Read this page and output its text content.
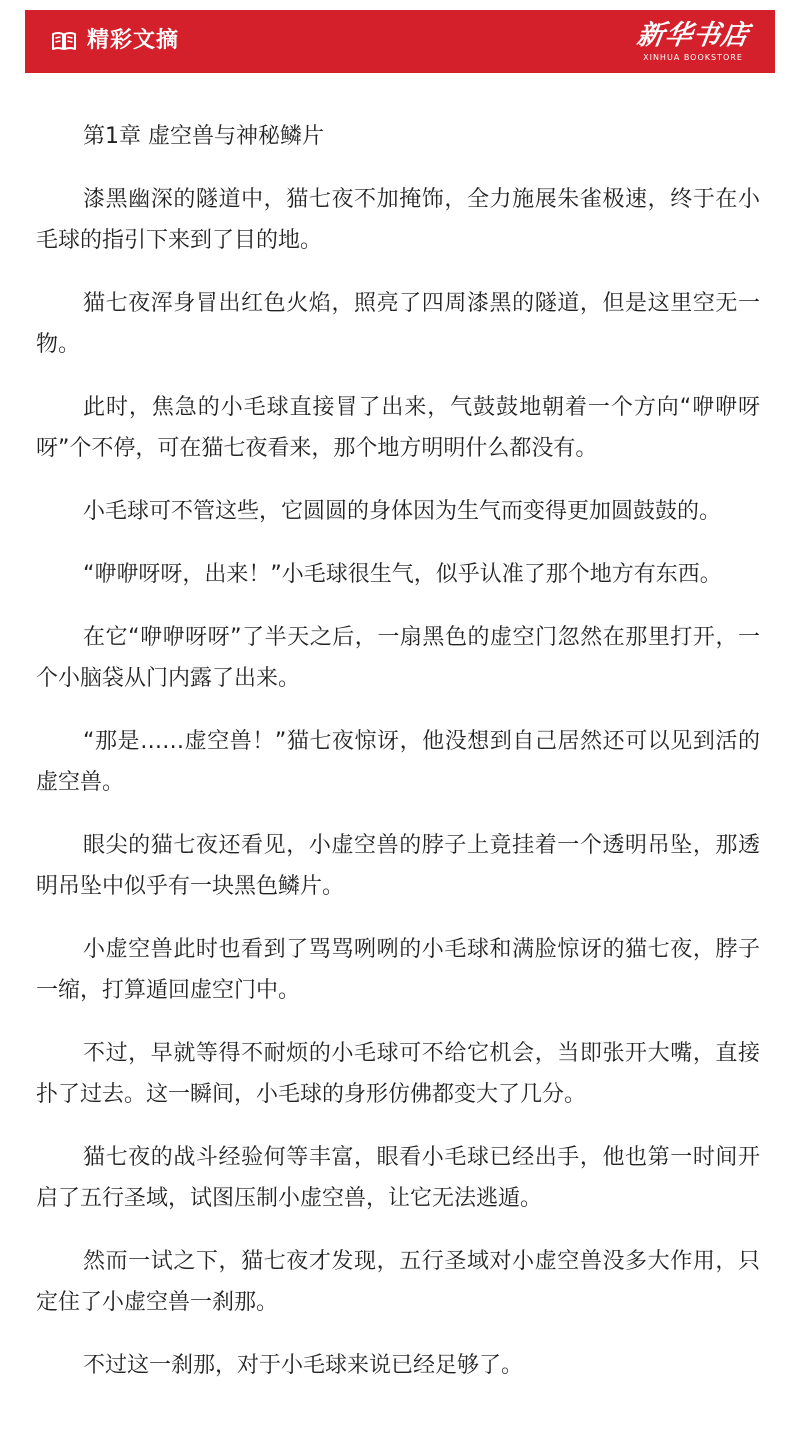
精彩文摘	新华书店
XINHUA BOOKSTORE

第1章 虚空兽与神秘鳞片

漆黑幽深的隧道中，猫七夜不加掩饰，全力施展朱雀极速，终于在小毛球的指引下来到了目的地。

猫七夜浑身冒出红色火焰，照亮了四周漆黑的隧道，但是这里空无一物。

此时，焦急的小毛球直接冒了出来，气鼓鼓地朝着一个方向“咿咿呀呀”个不停，可在猫七夜看来，那个地方明明什么都没有。

小毛球可不管这些，它圆圆的身体因为生气而变得更加圆鼓鼓的。

“咿咿呀呀，出来！”小毛球很生气，似乎认准了那个地方有东西。

在它“咿咿呀呀”了半天之后，一扇黑色的虚空门忽然在那里打开，一个小脑袋从门内露了出来。

“那是……虚空兽！”猫七夜惊讶，他没想到自己居然还可以见到活的虚空兽。

眼尖的猫七夜还看见，小虚空兽的脖子上竟挂着一个透明吊坠，那透明吊坠中似乎有一块黑色鳞片。

小虚空兽此时也看到了骂骂咧咧的小毛球和满脸惊讶的猫七夜，脖子一缩，打算遁回虚空门中。

不过，早就等得不耐烦的小毛球可不给它机会，当即张开大嘴，直接扑了过去。这一瞬间，小毛球的身形仿佛都变大了几分。

猫七夜的战斗经验何等丰富，眼看小毛球已经出手，他也第一时间开启了五行圣域，试图压制小虚空兽，让它无法逃遁。

然而一试之下，猫七夜才发现，五行圣域对小虚空兽没多大作用，只定住了小虚空兽一刹那。

不过这一刹那，对于小毛球来说已经足够了。
